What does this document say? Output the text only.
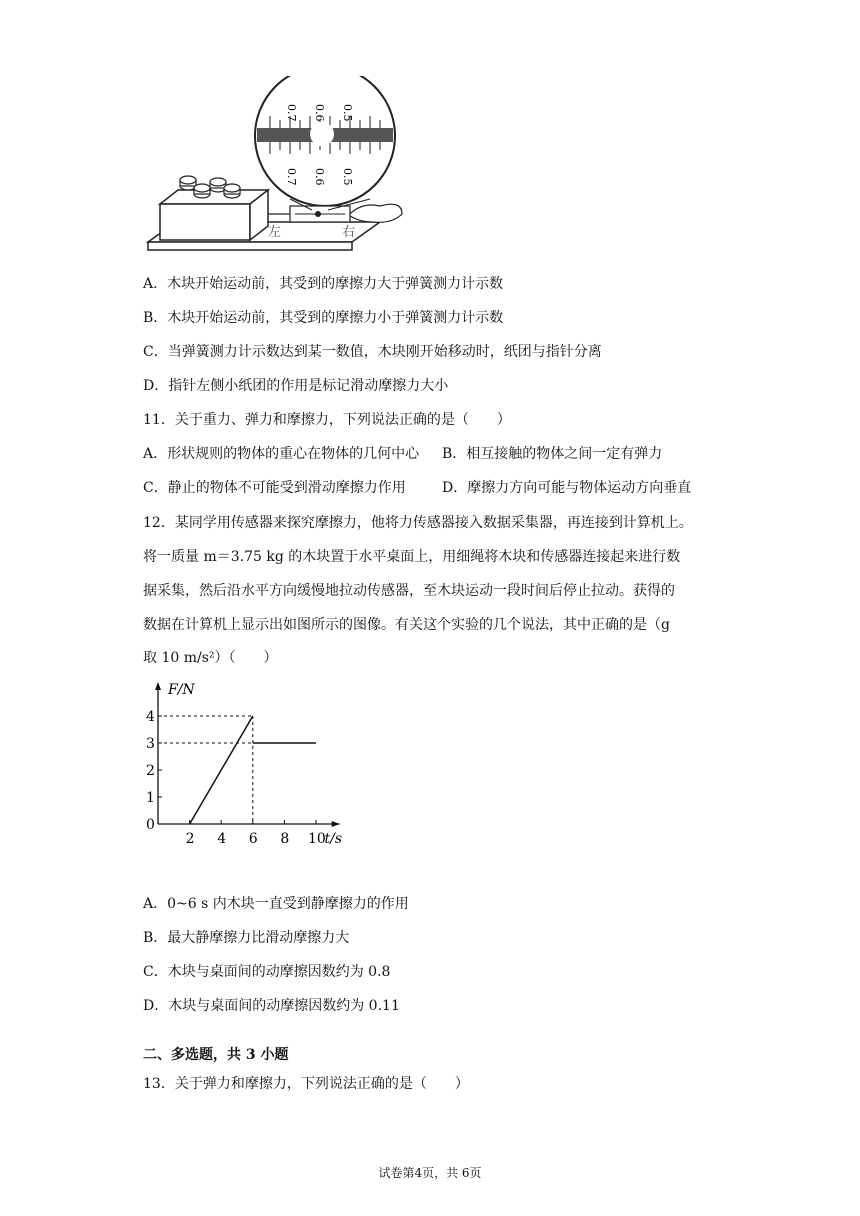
0.7 0.6 0.5
0.7 0.6 0.5
左	右
A．木块开始运动前，其受到的摩擦力大于弹簧测力计示数
B．木块开始运动前，其受到的摩擦力小于弹簧测力计示数
C．当弹簧测力计示数达到某一数值，木块刚开始移动时，纸团与指针分离
D．指针左侧小纸团的作用是标记滑动摩擦力大小
11．关于重力、弹力和摩擦力，下列说法正确的是（　　）
A．形状规则的物体的重心在物体的几何中心 B．相互接触的物体之间一定有弹力
C．静止的物体不可能受到滑动摩擦力作用	D．摩擦力方向可能与物体运动方向垂直
12．某同学用传感器来探究摩擦力，他将力传感器接入数据采集器，再连接到计算机上。
将一质量 m＝3.75 kg 的木块置于水平桌面上，用细绳将木块和传感器连接起来进行数
据采集，然后沿水平方向缓慢地拉动传感器，至木块运动一段时间后停止拉动。获得的
数据在计算机上显示出如图所示的图像。有关这个实验的几个说法，其中正确的是（g
取 10 m/s²）（　　）
F/N
t/s
0
1
2
3
4
2 4 6 8 10
A．0~6 s 内木块一直受到静摩擦力的作用
B．最大静摩擦力比滑动摩擦力大
C．木块与桌面间的动摩擦因数约为 0.8
D．木块与桌面间的动摩擦因数约为 0.11
二、多选题，共 3 小题
13．关于弹力和摩擦力，下列说法正确的是（　　）
试卷第4页，共 6页
